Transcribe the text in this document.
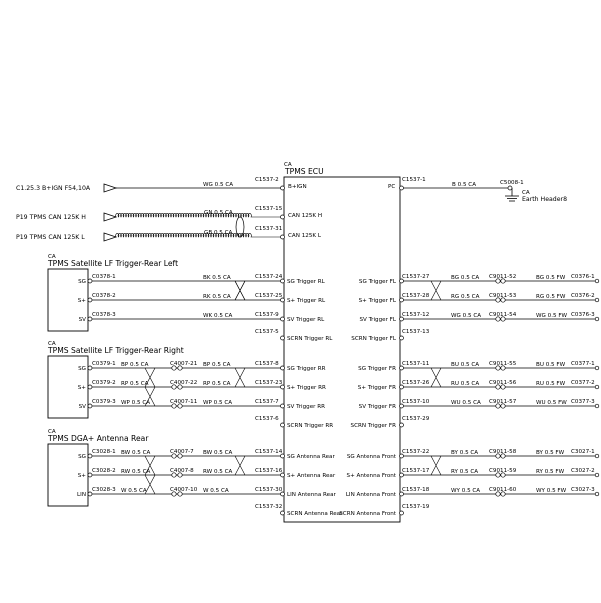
CA
TPMS ECU
B+IGN	PC
CAN 125K H
CAN 125K L
C1.25.3 B+IGN F54,10A	WG 0.5 CA
C1537-2
P19 TPMS CAN 125K H
GN 0.5 CA
C1537-15
P19 TPMS CAN 125K L
GB 0.5 CA
C1537-31
C1537-1
B 0.5 CA	C5008-1
CA
Earth Header8
CA
TPMS Satellite LF Trigger-Rear Left
SG
C0378-1	BK 0.5 CA	C1537-24
SG Trigger RL
S+
C0378-2	RK 0.5 CA	C1537-25
S+ Trigger RL
SV
C0378-3	WK 0.5 CA	C1537-9
SV Trigger RL
C1537-5
SCRN Trigger RL
CA
TPMS Satellite LF Trigger-Rear Right
SG
C0379-1 BP 0.5 CA	C4007-21 BP 0.5 CA	C1537-8
SG Trigger RR
S+
C0379-2 RP 0.5 CA	C4007-22 RP 0.5 CA	C1537-23
S+ Trigger RR
SV
C0379-3 WP 0.5 CA	C4007-11 WP 0.5 CA	C1537-7
SV Trigger RR
C1537-6
SCRN Trigger RR
CA
TPMS DGA+ Antenna Rear
SG
C3028-1 BW 0.5 CA	C4007-7 BW 0.5 CA	C1537-14
SG Antenna Rear
S+
C3028-2 RW 0.5 CA	C4007-8 RW 0.5 CA	C1537-16
S+ Antenna Rear
LIN
C3028-3 W 0.5 CA	C4007-10 W 0.5 CA	C1537-30
LIN Antenna Rear
C1537-32
SCRN Antenna Rear
SG Trigger FL
C1537-27	BG 0.5 CA C9011-52	BG 0.5 FW C0376-1
S+ Trigger FL
C1537-28	RG 0.5 CA C9011-53	RG 0.5 FW C0376-2
SV Trigger FL
C1537-12	WG 0.5 CA C9011-54	WG 0.5 FW C0376-3
SCRN Trigger FL
C1537-13
SG Trigger FR
C1537-11	BU 0.5 CA C9011-55	BU 0.5 FW C0377-1
S+ Trigger FR
C1537-26	RU 0.5 CA C9011-56	RU 0.5 FW C0377-2
SV Trigger FR
C1537-10	WU 0.5 CA C9011-57	WU 0.5 FW C0377-3
SCRN Trigger FR
C1537-29
SG Antenna Front
C1537-22	BY 0.5 CA C9011-58	BY 0.5 FW C3027-1
S+ Antenna Front
C1537-17	RY 0.5 CA C9011-59	RY 0.5 FW C3027-2
LIN Antenna Front
C1537-18	WY 0.5 CA C9011-60	WY 0.5 FW C3027-3
SCRN Antenna Front
C1537-19
